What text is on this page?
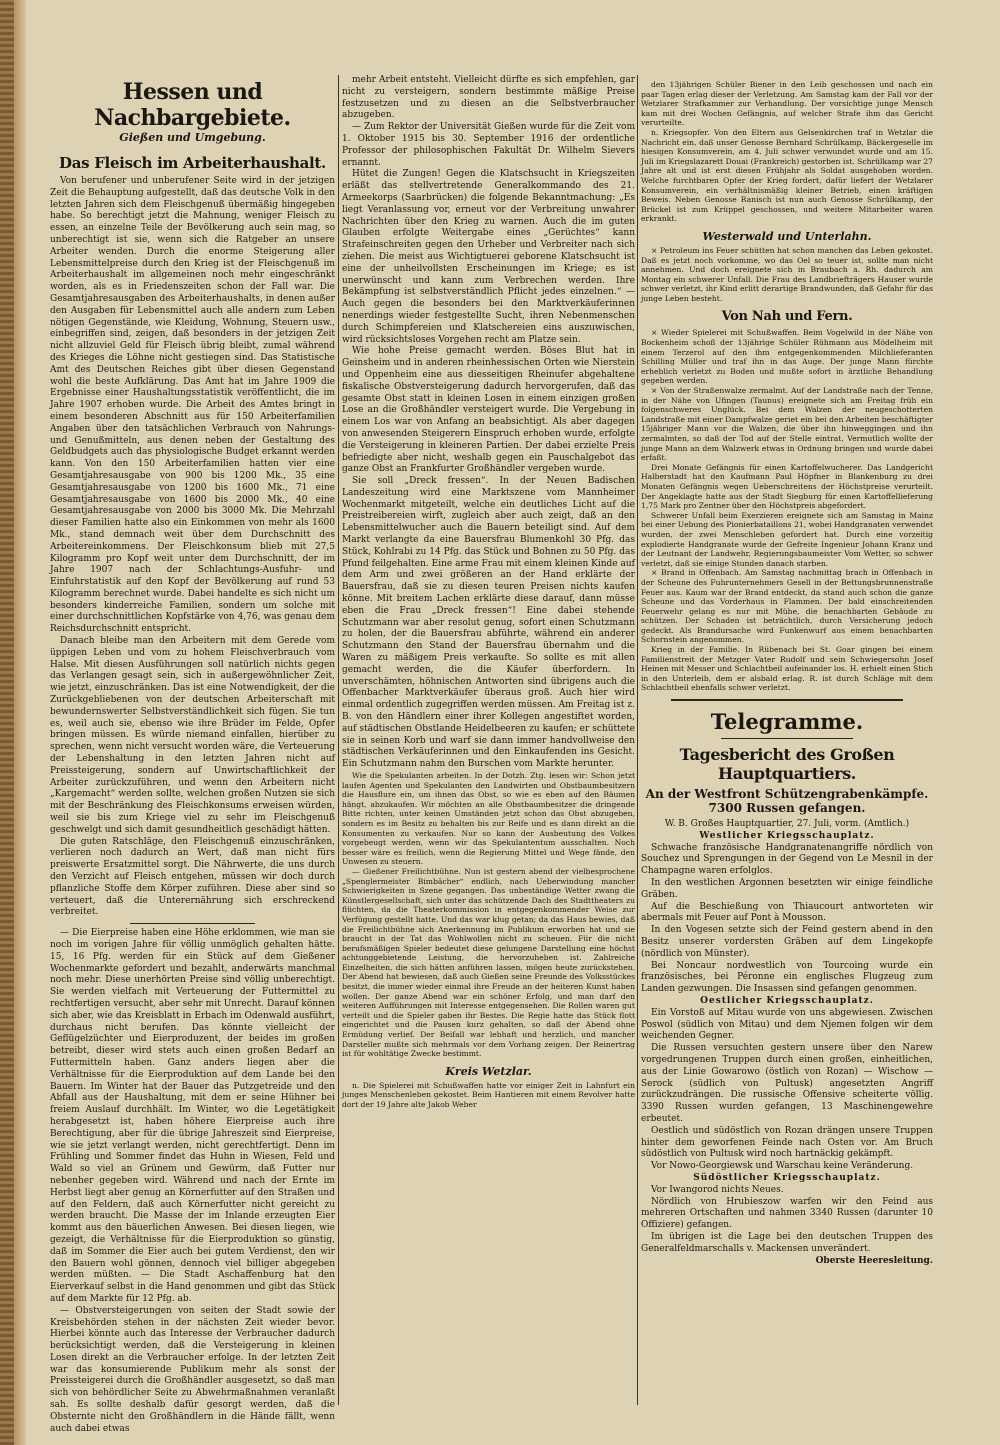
Hessen und Nachbargebiete.
Gießen und Umgebung.
Das Fleisch im Arbeiterhaushalt.

Von berufener und unberufener Seite wird in der jetzigen Zeit die Behauptung aufgestellt, daß das deutsche Volk in den letzten Jahren sich dem Fleischgenuß übermäßig hingegeben habe. So berechtigt jetzt die Mahnung, weniger Fleisch zu essen, an einzelne Teile der Bevölkerung auch sein mag, so unberechtigt ist sie, wenn sich die Ratgeber an unsere Arbeiter wenden. Durch die enorme Steigerung aller Lebensmittelpreise durch den Krieg ist der Fleischgenuß im Arbeiterhaushalt im allgemeinen noch mehr eingeschränkt worden, als es in Friedenszeiten schon der Fall war. Die Gesamtjahresausgaben des Arbeiterhaushalts, in denen außer den Ausgaben für Lebensmittel auch alle andern zum Leben nötigen Gegenstände, wie Kleidung, Wohnung, Steuern usw., einbegriffen sind, zeigen, daß besonders in der jetzigen Zeit nicht allzuviel Geld für Fleisch übrig bleibt, zumal während des Krieges die Löhne nicht gestiegen sind. Das Statistische Amt des Deutschen Reiches gibt über diesen Gegenstand wohl die beste Aufklärung. Das Amt hat im Jahre 1909 die Ergebnisse einer Haushaltungsstatistik veröffentlicht, die im Jahre 1907 erhoben wurde. Die Arbeit des Amtes bringt in einem besonderen Abschnitt aus für 150 Arbeiterfamilien Angaben über den tatsächlichen Verbrauch von Nahrungs- und Genußmitteln, aus denen neben der Gestaltung des Geldbudgets auch das physiologische Budget erkannt werden kann. Von den 150 Arbeiterfamilien hatten vier eine Gesamtjahresausgabe von 900 bis 1200 Mk., 35 eine Gesamtjahresausgabe von 1200 bis 1600 Mk., 71 eine Gesamtjahresausgabe von 1600 bis 2000 Mk., 40 eine Gesamtjahresausgabe von 2000 bis 3000 Mk. Die Mehrzahl dieser Familien hatte also ein Einkommen von mehr als 1600 Mk., stand demnach weit über dem Durchschnitt des Arbeitereinkommens. Der Fleischkonsum blieb mit 27,5 Kilogramm pro Kopf weit unter dem Durchschnitt, der im Jahre 1907 nach der Schlachtungs-Ausfuhr- und Einfuhrstatistik auf den Kopf der Bevölkerung auf rund 53 Kilogramm berechnet wurde. Dabei handelte es sich nicht um besonders kinderreiche Familien, sondern um solche mit einer durchschnittlichen Kopfstärke von 4,76, was genau dem Reichsdurchschnitt entspricht.

Danach bleibe man den Arbeitern mit dem Gerede vom üppigen Leben und vom zu hohem Fleischverbrauch vom Halse. Mit diesen Ausführungen soll natürlich nichts gegen das Verlangen gesagt sein, sich in außergewöhnlicher Zeit, wie jetzt, einzuschränken. Das ist eine Notwendigkeit, der die Zurückgebliebenen von der deutschen Arbeiterschaft mit bewundernswerter Selbstverständlichkeit sich fügen. Sie tun es, weil auch sie, ebenso wie ihre Brüder im Felde, Opfer bringen müssen. Es würde niemand einfallen, hierüber zu sprechen, wenn nicht versucht worden wäre, die Verteuerung der Lebenshaltung in den letzten Jahren nicht auf Preissteigerung, sondern auf Unwirtschaftlichkeit der Arbeiter zurückzuführen, und wenn den Arbeitern nicht „Kargemacht“ werden sollte, welchen großen Nutzen sie sich mit der Beschränkung des Fleischkonsums erweisen würden, weil sie bis zum Kriege viel zu sehr im Fleischgenuß geschwelgt und sich damit gesundheitlich geschädigt hätten.

Die guten Ratschläge, den Fleischgenuß einzuschränken, verlieren noch dadurch an Wert, daß man nicht fürs preiswerte Ersatzmittel sorgt. Die Nährwerte, die uns durch den Verzicht auf Fleisch entgehen, müssen wir doch durch pflanzliche Stoffe dem Körper zuführen. Diese aber sind so verteuert, daß die Unterernährung sich erschreckend verbreitet.

— Die Eierpreise haben eine Höhe erklommen, wie man sie noch im vorigen Jahre für völlig unmöglich gehalten hätte. 15, 16 Pfg. werden für ein Stück auf dem Gießener Wochenmarkte gefordert und bezahlt, anderwärts manchmal noch mehr. Diese unerhörten Preise sind völlig unberechtigt. Sie werden vielfach mit Verteuerung der Futtermittel zu rechtfertigen versucht, aber sehr mit Unrecht. Darauf können sich aber, wie das Kreisblatt in Erbach im Odenwald ausführt, durchaus nicht berufen. Das könnte vielleicht der Geflügelzüchter und Eierproduzent, der beides im großen betreibt, dieser wird stets auch einen großen Bedarf an Futtermitteln haben. Ganz anders liegen aber die Verhältnisse für die Eierproduktion auf dem Lande bei den Bauern. Im Winter hat der Bauer das Putzgetreide und den Abfall aus der Haushaltung, mit dem er seine Hühner bei freiem Auslauf durchhält. Im Winter, wo die Legetätigkeit herabgesetzt ist, haben höhere Eierpreise auch ihre Berechtigung, aber für die übrige Jahreszeit sind Eierpreise, wie sie jetzt verlangt werden, nicht gerechtfertigt. Denn im Frühling und Sommer findet das Huhn in Wiesen, Feld und Wald so viel an Grünem und Gewürm, daß Futter nur nebenher gegeben wird. Während und nach der Ernte im Herbst liegt aber genug an Körnerfutter auf den Straßen und auf den Feldern, daß auch Körnerfutter nicht gereicht zu werden braucht. Die Masse der im Inlande erzeugten Eier kommt aus den bäuerlichen Anwesen. Bei diesen liegen, wie gezeigt, die Verhältnisse für die Eierproduktion so günstig, daß im Sommer die Eier auch bei gutem Verdienst, den wir den Bauern wohl gönnen, dennoch viel billiger abgegeben werden müßten. — Die Stadt Aschaffenburg hat den Eierverkauf selbst in die Hand genommen und gibt das Stück auf dem Markte für 12 Pfg. ab.

— Obstversteigerungen von seiten der Stadt sowie der Kreisbehörden stehen in der nächsten Zeit wieder bevor. Hierbei könnte auch das Interesse der Verbraucher dadurch berücksichtigt werden, daß die Versteigerung in kleinen Losen direkt an die Verbraucher erfolge. In der letzten Zeit war das konsumierende Publikum mehr als sonst der Preissteigerei durch die Großhändler ausgesetzt, so daß man sich von behördlicher Seite zu Abwehrmaßnahmen veranlaßt sah. Es sollte deshalb dafür gesorgt werden, daß die Obsternte nicht den Großhändlern in die Hände fällt, wenn auch dabei etwas

mehr Arbeit entsteht. Vielleicht dürfte es sich empfehlen, gar nicht zu versteigern, sondern bestimmte mäßige Preise festzusetzen und zu diesen an die Selbstverbraucher abzugeben.

— Zum Rektor der Universität Gießen wurde für die Zeit vom 1. Oktober 1915 bis 30. September 1916 der ordentliche Professor der philosophischen Fakultät Dr. Wilhelm Sievers ernannt.

Hütet die Zungen! Gegen die Klatschsucht in Kriegszeiten erläßt das stellvertretende Generalkommando des 21. Armeekorps (Saarbrücken) die folgende Bekanntmachung: „Es liegt Veranlassung vor, erneut vor der Verbreitung unwahrer Nachrichten über den Krieg zu warnen. Auch die im guten Glauben erfolgte Weitergabe eines „Gerüchtes“ kann Strafeinschreiten gegen den Urheber und Verbreiter nach sich ziehen. Die meist aus Wichtigtuerei geborene Klatschsucht ist eine der unheilvollsten Erscheinungen im Kriege; es ist unerwünscht und kann zum Verbrechen werden. Ihre Bekämpfung ist selbstverständlich Pflicht jedes einzelnen.“ — Auch gegen die besonders bei den Marktverkäuferinnen nenerdings wieder festgestellte Sucht, ihren Nebenmenschen durch Schimpfereien und Klatschereien eins auszuwischen, wird rücksichtsloses Vorgehen recht am Platze sein.

Wie hohe Preise gemacht werden. Böses Blut hat in Geinsheim und in anderen rheinhessischen Orten wie Nierstein und Oppenheim eine aus diesseitigen Rheinufer abgehaltene fiskalische Obstversteigerung dadurch hervorgerufen, daß das gesamte Obst statt in kleinen Losen in einem einzigen großen Lose an die Großhändler versteigert wurde. Die Vergebung in einem Los war von Anfang an beabsichtigt. Als aber dagegen von anwesenden Steigerern Einspruch erhoben wurde, erfolgte die Versteigerung in kleineren Partien. Der dabei erzielte Preis befriedigte aber nicht, weshalb gegen ein Pauschalgebot das ganze Obst an Frankfurter Großhändler vergeben wurde.

Sie soll „Dreck fressen“. In der Neuen Badischen Landeszeitung wird eine Marktszene vom Mannheimer Wochenmarkt mitgeteilt, welche ein deutliches Licht auf die Preistreibereien wirft, zugleich aber auch zeigt, daß an den Lebensmittelwucher auch die Bauern beteiligt sind. Auf dem Markt verlangte da eine Bauersfrau Blumenkohl 30 Pfg. das Stück, Kohlrabi zu 14 Pfg. das Stück und Bohnen zu 50 Pfg. das Pfund feilgehalten. Eine arme Frau mit einem kleinen Kinde auf dem Arm und zwei größeren an der Hand erklärte der Bauersfrau, daß sie zu diesen teuren Preisen nichts kaufen könne. Mit breitem Lachen erklärte diese darauf, dann müsse eben die Frau „Dreck fressen“! Eine dabei stehende Schutzmann war aber resolut genug, sofort einen Schutzmann zu holen, der die Bauersfrau abführte, während ein anderer Schutzmann den Stand der Bauersfrau übernahm und die Waren zu mäßigem Preis verkaufte. So sollte es mit allen gemacht werden, die die Käufer überfordern. In unverschämten, höhnischen Antworten sind übrigens auch die Offenbacher Marktverkäufer überaus groß. Auch hier wird einmal ordentlich zugegriffen werden müssen. Am Freitag ist z. B. von den Händlern einer ihrer Kollegen angestiftet worden, auf städtischen Obstlande Heidelbeeren zu kaufen; er schüttete sie in seinen Korb und warf sie dann immer handvollweise den städtischen Verkäuferinnen und den Einkaufenden ins Gesicht. Ein Schutzmann nahm den Burschen vom Markte herunter.

Wie die Spekulanten arbeiten. In der Dotzh. Ztg. lesen wir: Schon jetzt laufen Agenten und Spekulanten den Landwirten und Obstbaumbesitzern die Hausflure ein, um ihnen das Obst, so wie es eben auf den Bäumen hängt, abzukaufen. Wir möchten an alle Obstbaumbesitzer die dringende Bitte richten, unter keinen Umständen jetzt schon das Obst abzugeben, sondern es im Besitz zu behalten bis zur Reife und es dann direkt an die Konsumenten zu verkaufen. Nur so kann der Ausbeutung des Volkes vorgebeugt werden, wenn wir das Spekulantentum ausschalten. Noch besser wäre es freilich, wenn die Regierung Mittel und Wege fände, den Unwesen zu steuern.

— Gießener Freilichtbühne. Nun ist gestern abend der vielbesprochene „Spenglermeister Bimbächer“ endlich, nach Ueberwindung mancher Schwierigkeiten in Szene gegangen. Das unbeständige Wetter zwang die Künstlergesellschaft, sich unter das schützende Dach des Stadttheaters zu flüchten, da die Theaterkommission in entgegenkommender Weise zur Verfügung gestellt hatte. Und das war klug getan; da das Haus bewies, daß die Freilichtbühne sich Anerkennung im Publikum erworben hat und sie braucht in der Tat das Wohlwollen nicht zu scheuen. Für die nicht berufsmäßigen Spieler bedeutet diese gelungene Darstellung eine höchst achtunggebietende Leistung, die hervorzuheben ist. Zahlreiche Einzelheiten, die sich hätten anführen lassen, mögen heute zurückstehen. Der Abend hat bewiesen, daß auch Gießen seine Freunde des Volksstückes besitzt, die immer wieder einmal ihre Freude an der heiteren Kunst haben wollen. Der ganze Abend war ein schöner Erfolg, und man darf den weiteren Aufführungen mit Interesse entgegensehen. Die Rollen waren gut verteilt und die Spieler gaben ihr Bestes. Die Regie hatte das Stück flott eingerichtet und die Pausen kurz gehalten, so daß der Abend ohne Ermüdung verlief. Der Beifall war lebhaft und herzlich, und mancher Darsteller mußte sich mehrmals vor dem Vorhang zeigen. Der Reinertrag ist für wohltätige Zwecke bestimmt.

Kreis Wetzlar.

n. Die Spielerei mit Schußwaffen hatte vor einiger Zeit in Lahnfurt ein junges Menschenleben gekostet. Beim Hantieren mit einem Revolver hatte dort der 19 Jahre alte Jakob Weber

den 13jährigen Schüler Biener in den Leib geschossen und nach ein paar Tagen erlag dieser der Verletzung. Am Samstag kam der Fall vor der Wetzlarer Strafkammer zur Verhandlung. Der vorsichtige junge Mensch kam mit drei Wochen Gefängnis, auf welcher Strafe ihm das Gericht verurteilte.

n. Kriegsopfer. Von den Eltern aus Gelsenkirchen traf in Wetzlar die Nachricht ein, daß unser Genosse Bernhard Schrülkamp, Bäckergeselle im hiesigen Konsumverein, am 4. Juli schwer verwundet wurde und am 15. Juli im Kriegslazarett Douai (Frankreich) gestorben ist. Schrülkamp war 27 Jahre alt und ist erst diesen Frühjahr als Soldat ausgehoben worden. Welche furchtbaren Opfer der Krieg fordert, dafür liefert der Wetzlarer Konsumverein, ein verhältnismäßig kleiner Betrieb, einen kräftigen Beweis. Neben Genosse Ranisch ist nun auch Genosse Schrülkamp, der Brückel ist zum Krüppel geschossen, und weitere Mitarbeiter waren erkrankt.

Westerwald und Unterlahn.

× Petroleum ins Feuer schütten hat schon manchen das Leben gekostet. Daß es jetzt noch vorkomme, wo das Oel so teuer ist, sollte man nicht annehmen. Und doch ereignete sich in Braubach a. Rh. dadurch am Montag ein schwerer Unfall. Die Frau des Landbriefträgers Hauser wurde schwer verletzt, ihr Kind erlitt derartige Brandwunden, daß Gefahr für das junge Leben besteht.

Von Nah und Fern.

× Wieder Spielerei mit Schußwaffen. Beim Vogelwild in der Nähe von Bockenheim schoß der 13jährige Schüler Rühmann aus Mödelheim mit einem Terzerol auf den ihm entgegenkommenden Milchlieferanten Schilling Müller und traf ihn in das Auge. Der junge Mann fürchte erheblich verletzt zu Boden und mußte sofort in ärztliche Behandlung gegeben werden.

× Von der Straßenwalze zermalmt. Auf der Landstraße nach der Tenne, in der Nähe von Ufingen (Taunus) ereignete sich am Freitag früh ein folgenschweres Unglück. Bei dem Walzen der neugeschotterten Landstraße mit einer Dampfwalze geriet ein bei den Arbeiten beschäftigter 15jähriger Mann vor die Walzen, die über ihn hinweggingen und ihn zermalmten, so daß der Tod auf der Stelle eintrat. Vermutlich wollte der junge Mann an dem Walzwerk etwas in Ordnung bringen und wurde dabei erfaßt.

Drei Monate Gefängnis für einen Kartoffelwucherer. Das Landgericht Halberstadt hat den Kaufmann Paul Höpfner in Blankenburg zu drei Monaten Gefängnis wegen Ueberschreitens der Höchstpreise verurteilt. Der Angeklagte hatte aus der Stadt Siegburg für einen Kartoffellieferung 1,75 Mark pro Zentner über den Höchstpreis abgefordert.

Schwerer Unfall beim Exerzieren ereignete sich am Samstag in Mainz bei einer Uebung des Pionierbataillons 21, wobei Handgranaten verwendet wurden, der zwei Menschleben gefordert hat. Durch eine vorzeitig explodierte Handgranate wurde der Gefreite Ingenieur Johann Kranz und der Leutnant der Landwehr, Regierungsbaumeister Vom Wetter, so schwer verletzt, daß sie einige Stunden danach starben.

× Brand in Offenbach. Am Samstag nachmittag brach in Offenbach in der Scheune des Fuhrunternehmers Gesell in der Bettungsbrunnenstraße Feuer aus. Kaum war der Brand entdeckt, da stand auch schon die ganze Scheune und das Vorderhaus in Flammen. Der bald einschreitenden Feuerwehr gelang es nur mit Mühe, die benachbarten Gebäude zu schützen. Der Schaden ist beträchtlich, durch Versicherung jedoch gedeckt. Als Brandursache wird Funkenwurf aus einem benachbarten Schornstein angenommen.

Krieg in der Familie. In Rübenach bei St. Goar gingen bei einem Familienstreit der Metzger Vater Rudolf und sein Schwiegersohn Josef Heinen mit Messer und Schlachtbeil aufeinander los. H. erhielt einen Stich in den Unterleib, dem er alsbald erlag. R. ist durch Schläge mit dem Schlachtbeil ebenfalls schwer verletzt.

Telegramme.
Tagesbericht des Großen Hauptquartiers.
An der Westfront Schützengrabenkämpfe.
7300 Russen gefangen.

W. B. Großes Hauptquartier, 27. Juli, vorm. (Amtlich.)

Westlicher Kriegsschauplatz.

Schwache französische Handgranatenangriffe nördlich von Souchez und Sprengungen in der Gegend von Le Mesnil in der Champagne waren erfolglos.

In den westlichen Argonnen besetzten wir einige feindliche Gräben.

Auf die Beschießung von Thiaucourt antworteten wir abermals mit Feuer auf Pont à Mousson.

In den Vogesen setzte sich der Feind gestern abend in den Besitz unserer vordersten Gräben auf dem Lingekopfe (nördlich von Münster).

Bei Noncaur nordwestlich von Tourcoing wurde ein französisches, bei Péronne ein englisches Flugzeug zum Landen gezwungen. Die Insassen sind gefangen genommen.

Oestlicher Kriegsschauplatz.

Ein Vorstoß auf Mitau wurde von uns abgewiesen. Zwischen Poswol (südlich von Mitau) und dem Njemen folgen wir dem weichenden Gegner.

Die Russen versuchten gestern unsere über den Narew vorgedrungenen Truppen durch einen großen, einheitlichen, aus der Linie Gowarowo (östlich von Rozan) — Wischow — Serock (südlich von Pultusk) angesetzten Angriff zurückzudrängen. Die russische Offensive scheiterte völlig. 3390 Russen wurden gefangen, 13 Maschinengewehre erbeutet.

Oestlich und südöstlich von Rozan drängen unsere Truppen hinter dem geworfenen Feinde nach Osten vor. Am Bruch südöstlich von Pultusk wird noch hartnäckig gekämpft.

Vor Nowo-Georgiewsk und Warschau keine Veränderung.

Südöstlicher Kriegsschauplatz.

Vor Iwangorod nichts Neues.

Nördlich von Hrubieszow warfen wir den Feind aus mehreren Ortschaften und nahmen 3340 Russen (darunter 10 Offiziere) gefangen.

Im übrigen ist die Lage bei den deutschen Truppen des Generalfeldmarschalls v. Mackensen unverändert.

Oberste Heeresleitung.
